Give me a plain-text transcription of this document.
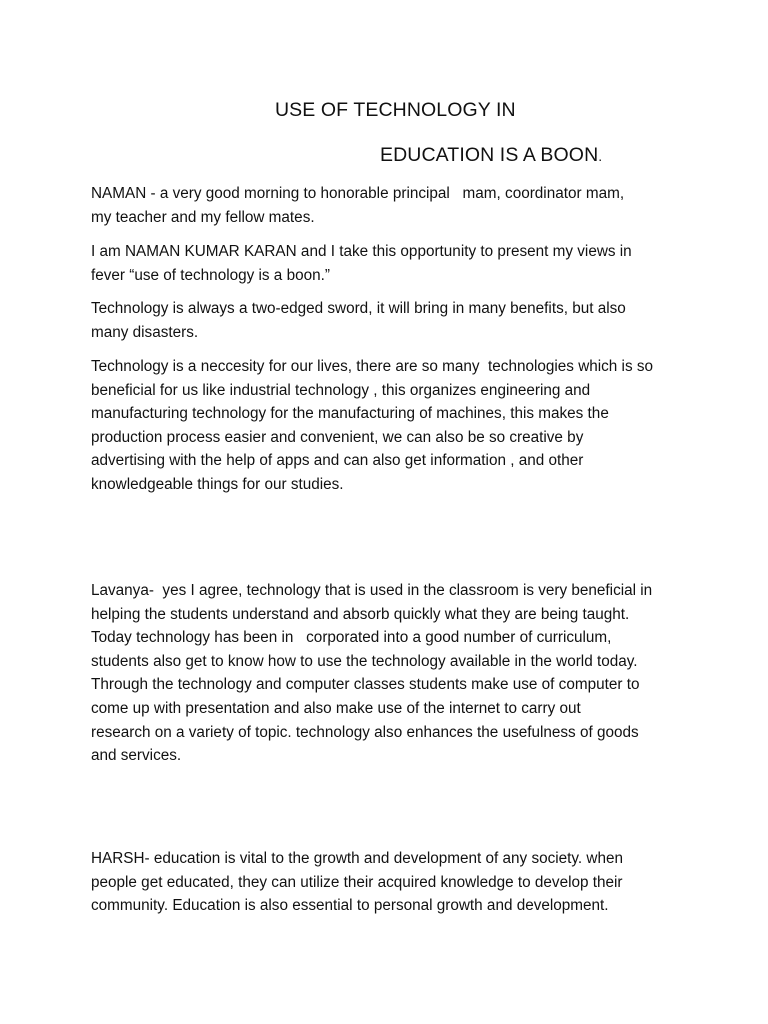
USE OF TECHNOLOGY IN
EDUCATION IS A BOON.

NAMAN - a very good morning to honorable principal   mam, coordinator mam,
my teacher and my fellow mates.

I am NAMAN KUMAR KARAN and I take this opportunity to present my views in
fever “use of technology is a boon.”

Technology is always a two-edged sword, it will bring in many benefits, but also
many disasters.

Technology is a neccesity for our lives, there are so many  technologies which is so
beneficial for us like industrial technology , this organizes engineering and
manufacturing technology for the manufacturing of machines, this makes the
production process easier and convenient, we can also be so creative by
advertising with the help of apps and can also get information , and other
knowledgeable things for our studies.

Lavanya-  yes I agree, technology that is used in the classroom is very beneficial in
helping the students understand and absorb quickly what they are being taught.
Today technology has been in   corporated into a good number of curriculum,
students also get to know how to use the technology available in the world today.
Through the technology and computer classes students make use of computer to
come up with presentation and also make use of the internet to carry out
research on a variety of topic. technology also enhances the usefulness of goods
and services.

HARSH- education is vital to the growth and development of any society. when
people get educated, they can utilize their acquired knowledge to develop their
community. Education is also essential to personal growth and development.
